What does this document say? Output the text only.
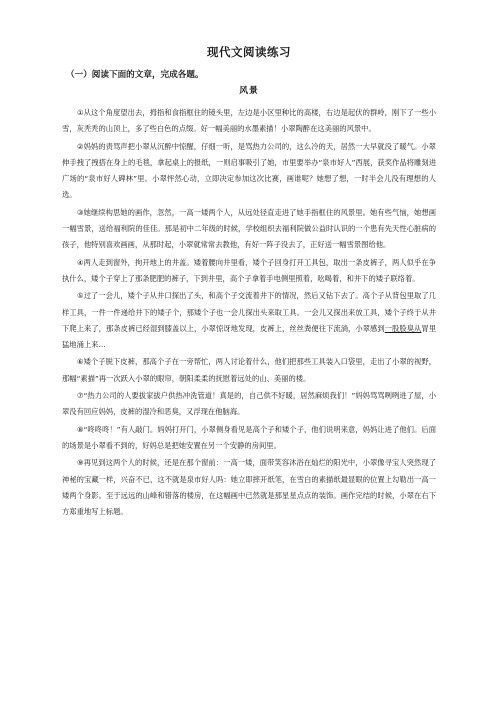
现代文阅读练习
（一）阅读下面的文章，完成各题。
风景

①从这个角度望出去，拇指和食指框住的镜头里，左边是小区里种比的高楼，右边是起伏的群岭，刚下了一些小雪，灰秃秃的山顶上，多了些白色的点缀。好一幅美丽的水墨素描！小翠陶醉在这美丽的风景中。

②妈妈的责骂声把小翠从沉醉中惊醒，仔细一听，是骂热力公司的，这么冷的天，居然一大早就没了暖气。小翠伸手拽了拽搭在身上的毛毯，拿起桌上的报纸，一则启事吸引了她，市里要举办“泉市好人”西展，获奖作品将雕刻进广场的“泉市好人碑林”里。小翠怦然心动，立即决定参加这次比赛，画谁呢？她想了想，一时半会儿没有理想的人选。

③她继续构思她的画作，忽然，一高一矮两个人，从远处径直走进了她手指框住的风景里。她有些气恼，她想画一幅雪景，送给福利院的佳佳。那是初中二年级的时候，学校组织去福利院做公益时认识的一个患有先天性心脏病的孩子，他特别喜欢画画，从那时起，小翠就常常去教他，有好一阵子没去了，正好送一幅雪景图给他。

④两人走到窗外，拘开地上的井盖。矮着腰向井里看，矮个子回身打开工具包，取出一条皮裤子，两人似乎在争执什么，矮个子穿上了那条肥肥的裤子，下到井里，高个子拿着手电侧里照着，吆喝着，和井下的矮子联络着。

⑤过了一会儿，矮个子从井口探出了头，和高个子交流着井下的情况，然后又钻下去了。高个子从背包里取了几样工具，一件一件递给井下的矮子个，那矮个子也一会儿探出头来取工具。一会儿又探出来放工具，矮个子终于从井下爬上来了，那条皮裤已经湿到膝盖以上，小翠惊讶地发现，皮裤上，丝丝粪便往下流淌，小翠感到一股股臭从胃里猛地涌上来…

⑥矮个子脱下皮裤，那高个子在一旁帮忙，两人讨论着什么，他们把那些工具装入口袋里，走出了小翠的视野，那幅“素描”再一次跃入小翠的眼帘，朝阳柔柔的抚慰着远处的山、美丽的楼。

⑦“热力公司的人要拔家拔户供热冲洗管道！真是的，自己供不好暖，居然麻烦我们！”妈妈骂骂咧咧进了屋，小翠没有回应妈妈，皮裤的湿冷和恶臭，又浮现在他脑海。

⑧“咚咚咚！”有人敲门。妈妈打开门，小翠侧身看见是高个子和矮个子，他们说明来意，妈妈让进了他们。后面的场景是小翠看不到的，好妈总是把她安置在另一个安静的房间里。

⑨再见到这两个人的时候，还是在那个窗前：一高一矮，面带笑容沐浴在灿烂的阳光中，小翠像寻宝人突然现了神秘的宝藏一样，兴奋不已，这不就是泉市好人吗：她立即摔开纸笔，在雪白的素描纸最显眼的位置上勾勒出一高一矮两个身影。至于远远的山峰和错落的楼房，在这幅画中已然就是那星星点点的装饰。画作完结的时候，小翠在右下方郑重地写上标题。
